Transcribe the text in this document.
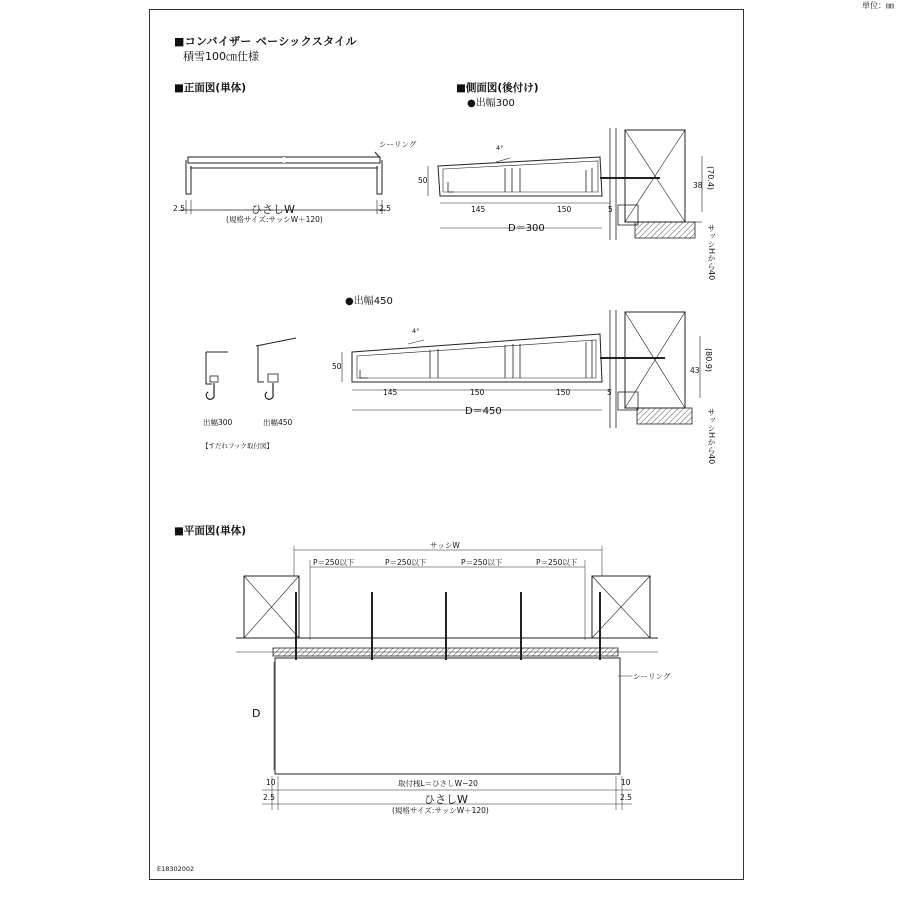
単位：㎜
■コンバイザー ベーシックスタイル
積雪100㎝仕様
■正面図(単体)
シーリング
ひさしW
(規格サイズ:サッシW＋120)
2.5	2.5
■側面図(後付け)
●出幅300
4°
50
145	150	5
D＝300
38 (70.4)
サッシHから40
●出幅450
4°
50
145	150	150	5
D＝450
43 (80.9)
サッシHから40
出幅300	出幅450
【すだれフック取付図】
■平面図(単体)
サッシW
P＝250以下	P＝250以下	P＝250以下	P＝250以下
シーリング
D
10	10
取付桟L＝ひさしW−20
ひさしW
2.5	2.5
(規格サイズ:サッシW＋120)
E18302002
